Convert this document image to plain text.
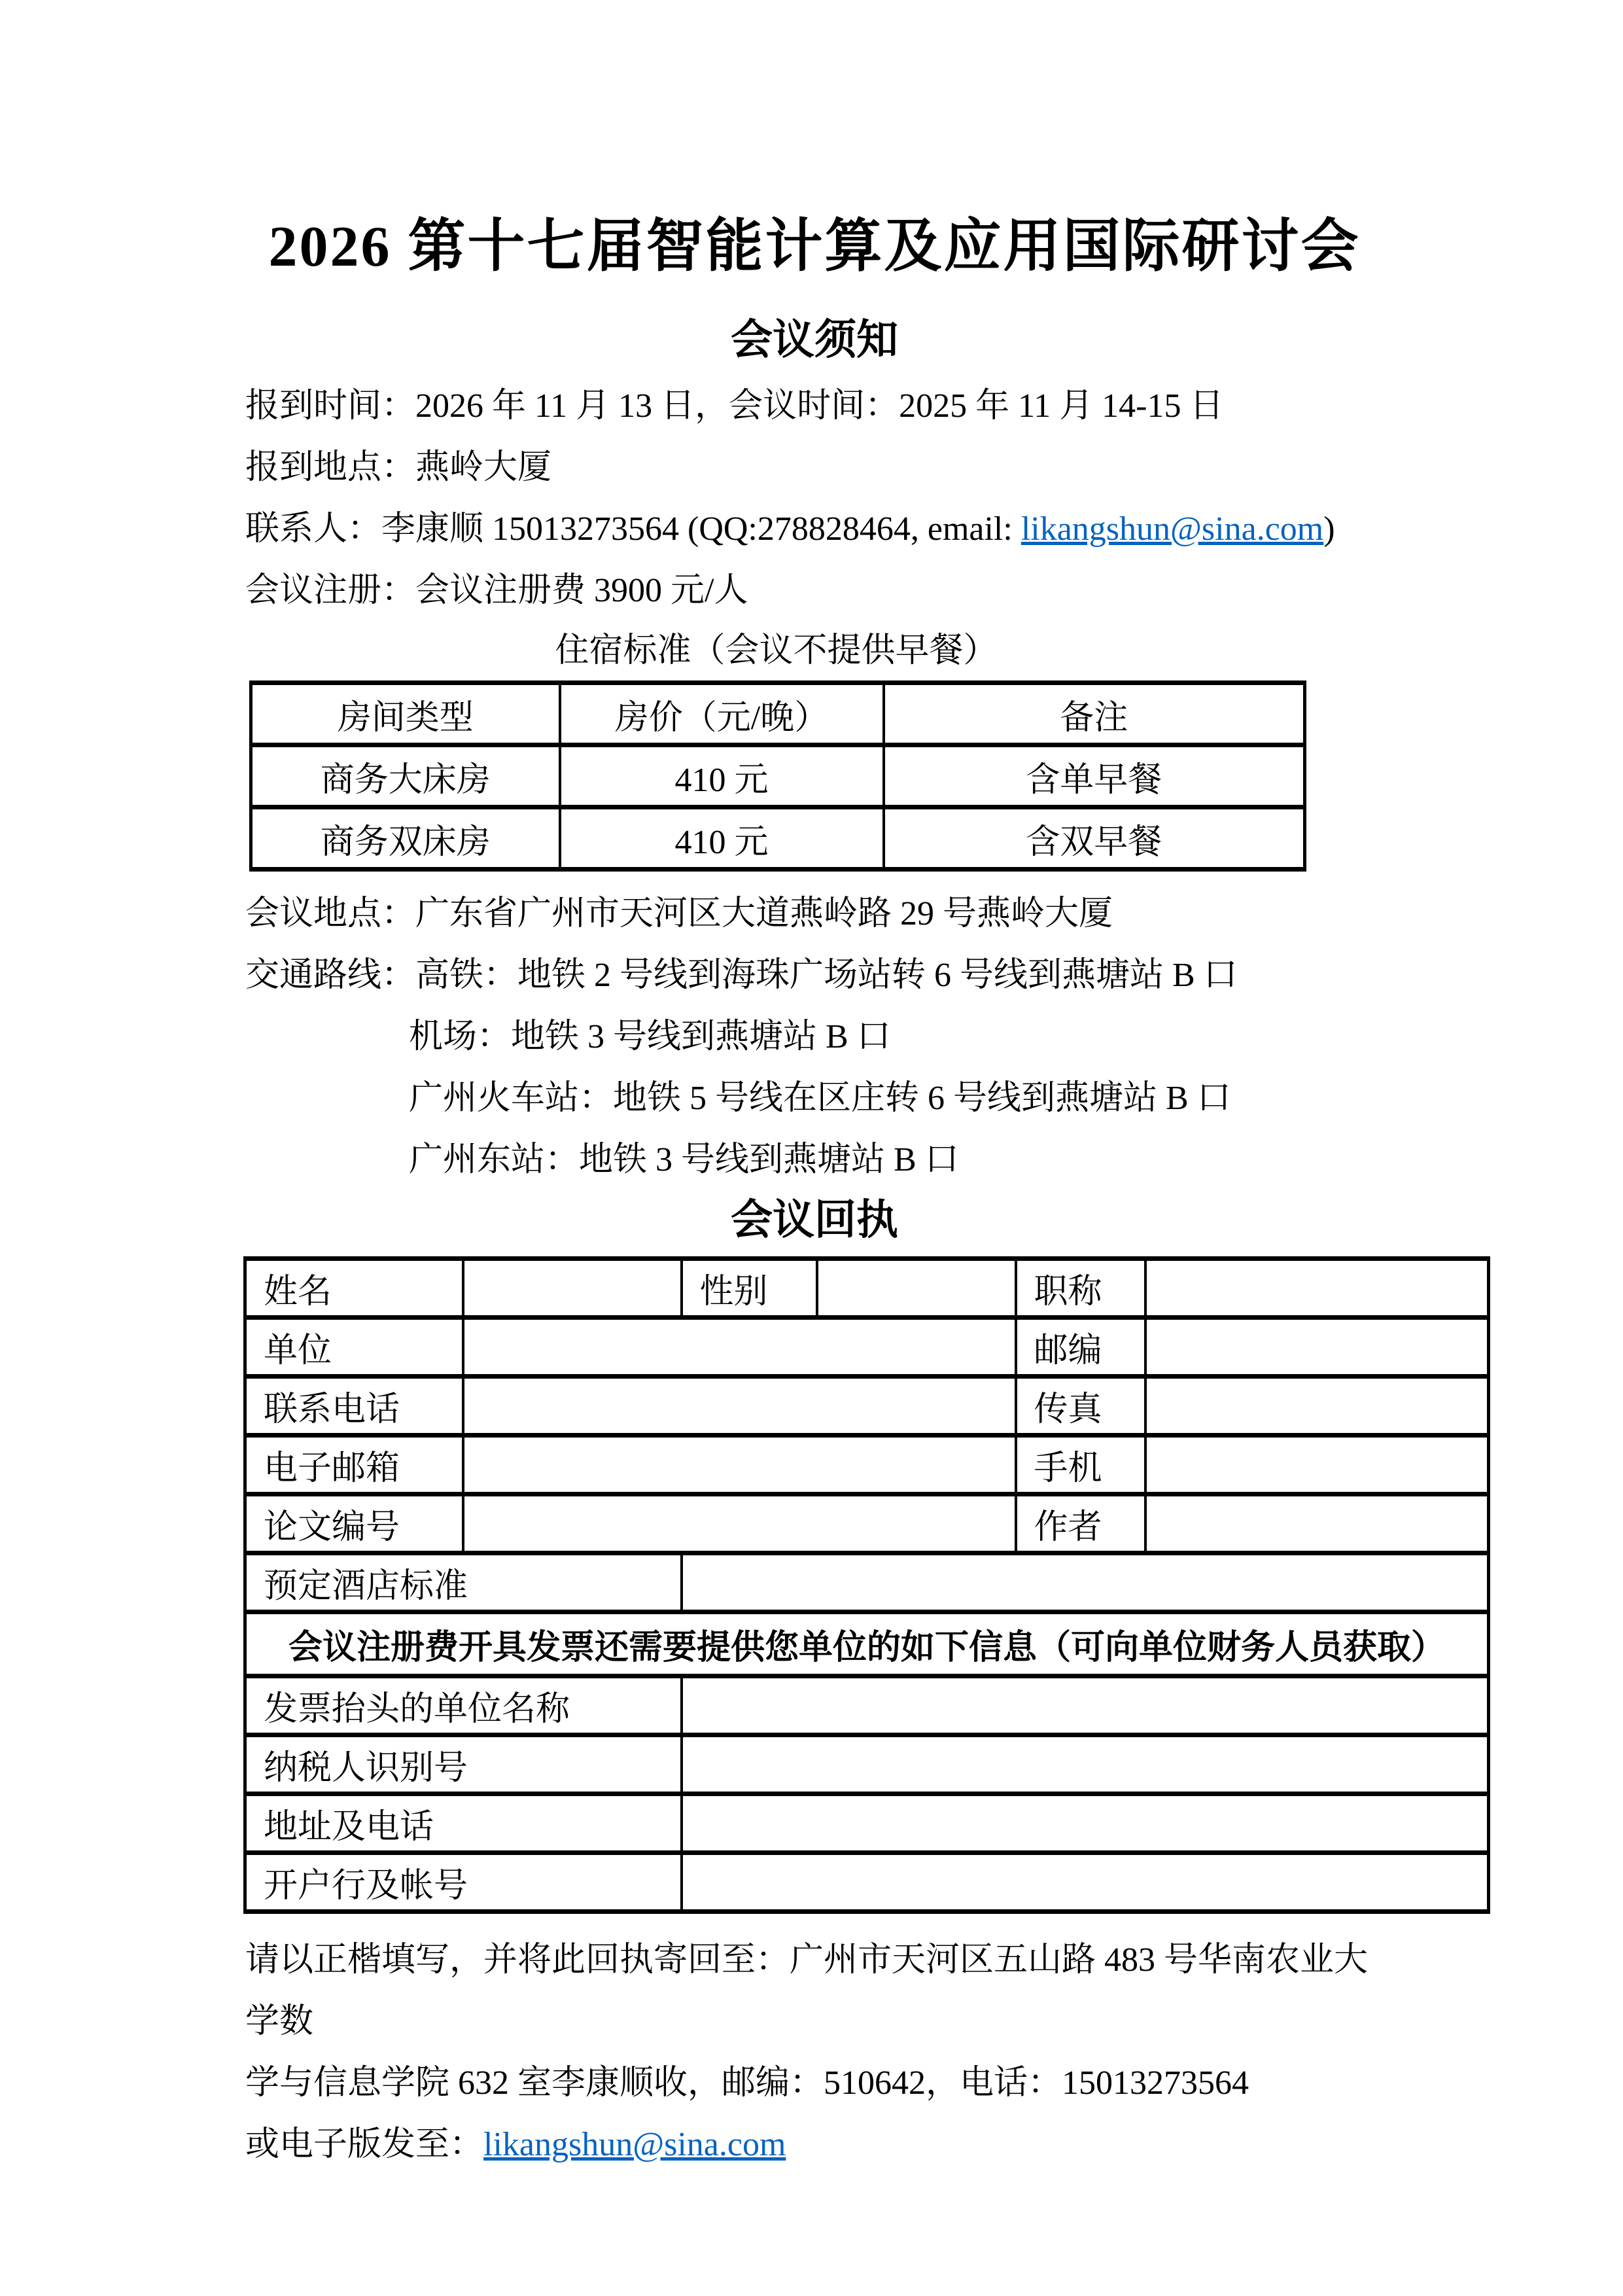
2026 第十七届智能计算及应用国际研讨会
会议须知

报到时间：2026 年 11 月 13 日，会议时间：2025 年 11 月 14-15 日

报到地点：燕岭大厦

联系人：李康顺 15013273564 (QQ:278828464, email: likangshun@sina.com)

会议注册：会议注册费 3900 元/人

住宿标准（会议不提供早餐）
房间类型	房价（元/晚）	备注
商务大床房	410 元	含单早餐
商务双床房	410 元	含双早餐

会议地点：广东省广州市天河区大道燕岭路 29 号燕岭大厦

交通路线：高铁：地铁 2 号线到海珠广场站转 6 号线到燕塘站 B 口

机场：地铁 3 号线到燕塘站 B 口

广州火车站：地铁 5 号线在区庄转 6 号线到燕塘站 B 口

广州东站：地铁 3 号线到燕塘站 B 口

会议回执
姓名		性别		职称	
单位				邮编	
联系电话				传真	
电子邮箱				手机	
论文编号				作者	
预定酒店标准					
会议注册费开具发票还需要提供您单位的如下信息（可向单位财务人员获取）					
发票抬头的单位名称					
纳税人识别号					
地址及电话					
开户行及帐号					

请以正楷填写，并将此回执寄回至：广州市天河区五山路 483 号华南农业大学数

学与信息学院 632 室李康顺收，邮编：510642，电话：15013273564

或电子版发至：likangshun@sina.com
